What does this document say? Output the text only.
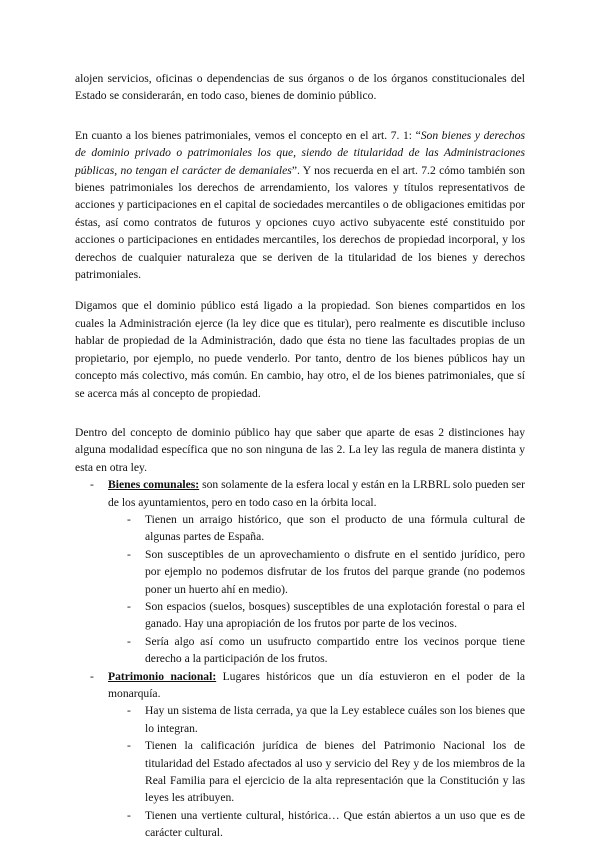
alojen servicios, oficinas o dependencias de sus órganos o de los órganos constitucionales del Estado se considerarán, en todo caso, bienes de dominio público.

En cuanto a los bienes patrimoniales, vemos el concepto en el art. 7. 1: “Son bienes y derechos de dominio privado o patrimoniales los que, siendo de titularidad de las Administraciones públicas, no tengan el carácter de demaniales”. Y nos recuerda en el art. 7.2 cómo también son bienes patrimoniales los derechos de arrendamiento, los valores y títulos representativos de acciones y participaciones en el capital de sociedades mercantiles o de obligaciones emitidas por éstas, así como contratos de futuros y opciones cuyo activo subyacente esté constituido por acciones o participaciones en entidades mercantiles, los derechos de propiedad incorporal, y los derechos de cualquier naturaleza que se deriven de la titularidad de los bienes y derechos patrimoniales.

Digamos que el dominio público está ligado a la propiedad. Son bienes compartidos en los cuales la Administración ejerce (la ley dice que es titular), pero realmente es discutible incluso hablar de propiedad de la Administración, dado que ésta no tiene las facultades propias de un propietario, por ejemplo, no puede venderlo. Por tanto, dentro de los bienes públicos hay un concepto más colectivo, más común. En cambio, hay otro, el de los bienes patrimoniales, que sí se acerca más al concepto de propiedad.

Dentro del concepto de dominio público hay que saber que aparte de esas 2 distinciones hay alguna modalidad específica que no son ninguna de las 2. La ley las regula de manera distinta y esta en otra ley.

- Bienes comunales: son solamente de la esfera local y están en la LRBRL solo pueden ser de los ayuntamientos, pero en todo caso en la órbita local.
- Tienen un arraigo histórico, que son el producto de una fórmula cultural de algunas partes de España.
- Son susceptibles de un aprovechamiento o disfrute en el sentido jurídico, pero por ejemplo no podemos disfrutar de los frutos del parque grande (no podemos poner un huerto ahí en medio).
- Son espacios (suelos, bosques) susceptibles de una explotación forestal o para el ganado. Hay una apropiación de los frutos por parte de los vecinos.
- Sería algo así como un usufructo compartido entre los vecinos porque tiene derecho a la participación de los frutos.
- Patrimonio nacional: Lugares históricos que un día estuvieron en el poder de la monarquía.
- Hay un sistema de lista cerrada, ya que la Ley establece cuáles son los bienes que lo integran.
- Tienen la calificación jurídica de bienes del Patrimonio Nacional los de titularidad del Estado afectados al uso y servicio del Rey y de los miembros de la Real Familia para el ejercicio de la alta representación que la Constitución y las leyes les atribuyen.
- Tienen una vertiente cultural, histórica… Que están abiertos a un uso que es de carácter cultural.
